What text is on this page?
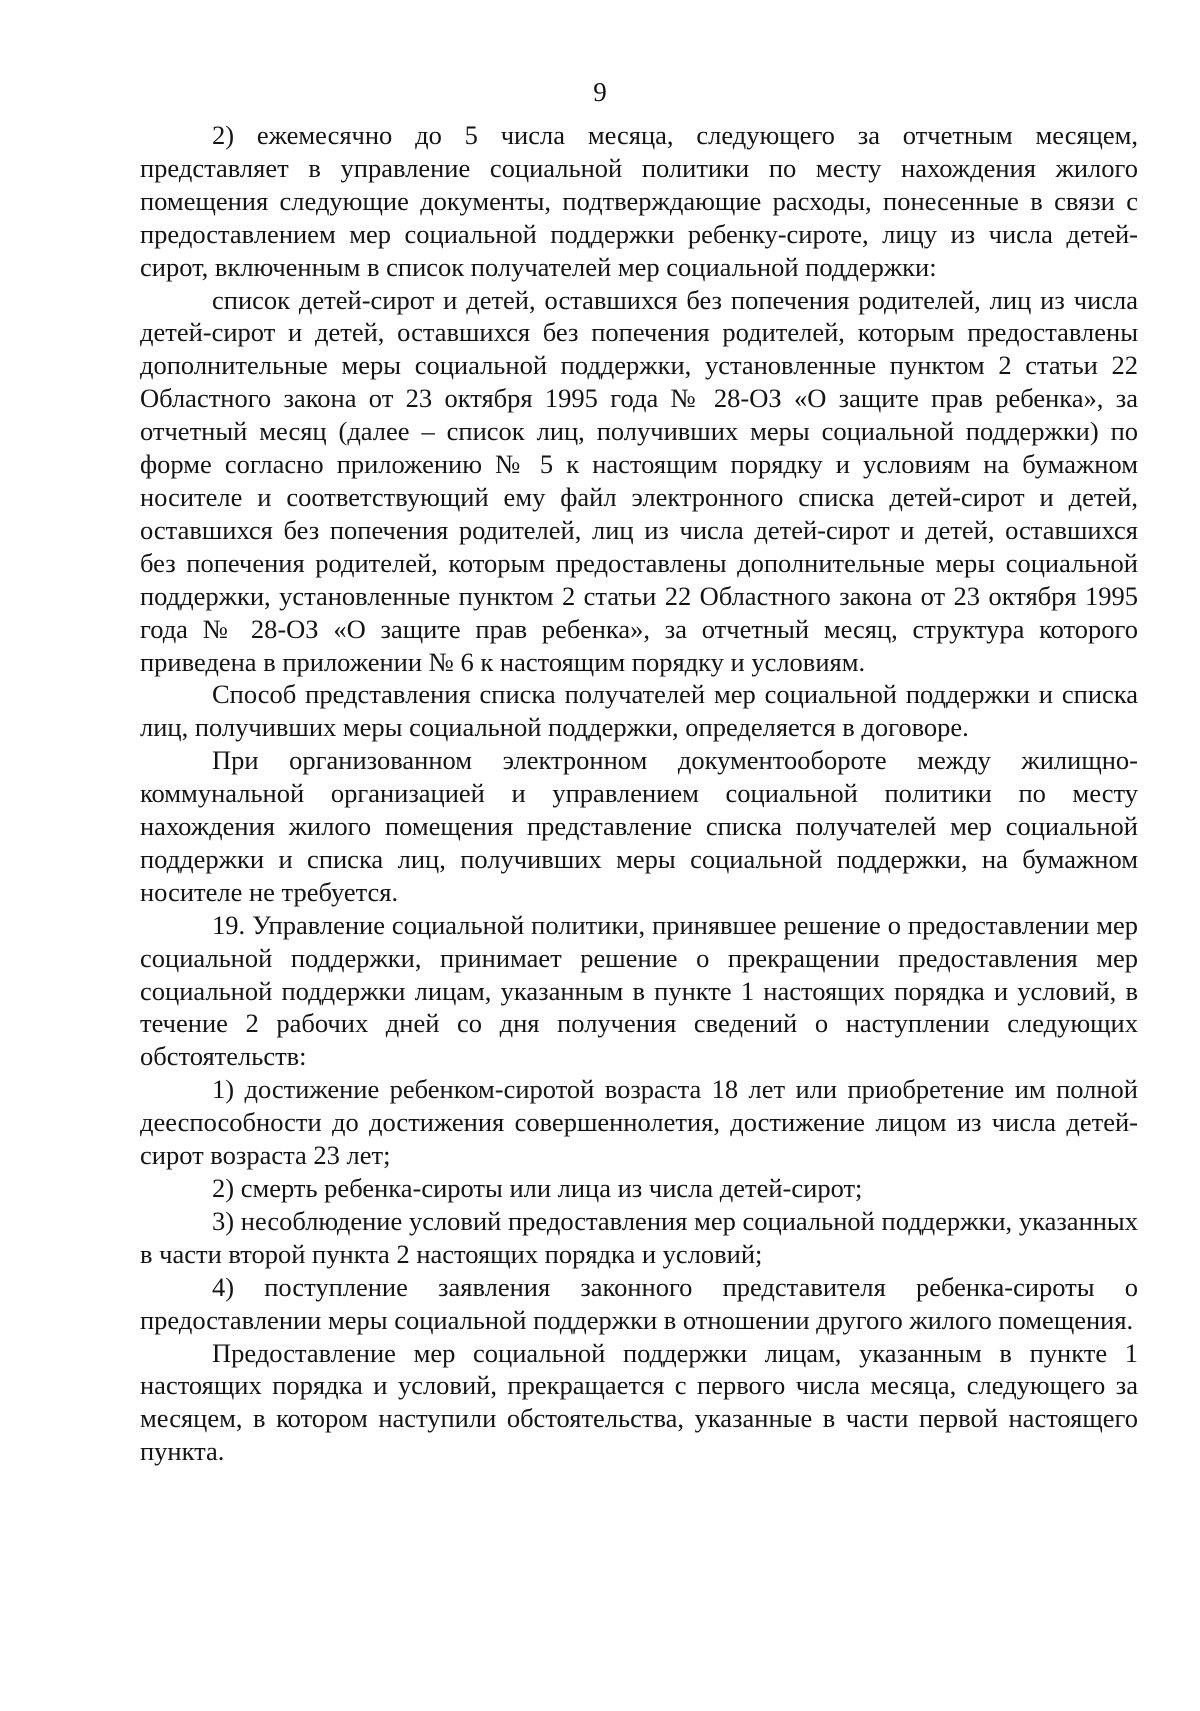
9

2) ежемесячно до 5 числа месяца, следующего за отчетным месяцем, представляет в управление социальной политики по месту нахождения жилого помещения следующие документы, подтверждающие расходы, понесенные в связи с предоставлением мер социальной поддержки ребенку-сироте, лицу из числа детей-сирот, включенным в список получателей мер социальной поддержки:

список детей-сирот и детей, оставшихся без попечения родителей, лиц из числа детей-сирот и детей, оставшихся без попечения родителей, которым предоставлены дополнительные меры социальной поддержки, установленные пунктом 2 статьи 22 Областного закона от 23 октября 1995 года № 28-ОЗ «О защите прав ребенка», за отчетный месяц (далее – список лиц, получивших меры социальной поддержки) по форме согласно приложению № 5 к настоящим порядку и условиям на бумажном носителе и соответствующий ему файл электронного списка детей-сирот и детей, оставшихся без попечения родителей, лиц из числа детей-сирот и детей, оставшихся без попечения родителей, которым предоставлены дополнительные меры социальной поддержки, установленные пунктом 2 статьи 22 Областного закона от 23 октября 1995 года № 28-ОЗ «О защите прав ребенка», за отчетный месяц, структура которого приведена в приложении № 6 к настоящим порядку и условиям.

Способ представления списка получателей мер социальной поддержки и списка лиц, получивших меры социальной поддержки, определяется в договоре.

При организованном электронном документообороте между жилищно-коммунальной организацией и управлением социальной политики по месту нахождения жилого помещения представление списка получателей мер социальной поддержки и списка лиц, получивших меры социальной поддержки, на бумажном носителе не требуется.

19. Управление социальной политики, принявшее решение о предоставлении мер социальной поддержки, принимает решение о прекращении предоставления мер социальной поддержки лицам, указанным в пункте 1 настоящих порядка и условий, в течение 2 рабочих дней со дня получения сведений о наступлении следующих обстоятельств:

1) достижение ребенком-сиротой возраста 18 лет или приобретение им полной дееспособности до достижения совершеннолетия, достижение лицом из числа детей-сирот возраста 23 лет;

2) смерть ребенка-сироты или лица из числа детей-сирот;

3) несоблюдение условий предоставления мер социальной поддержки, указанных в части второй пункта 2 настоящих порядка и условий;

4) поступление заявления законного представителя ребенка-сироты о предоставлении меры социальной поддержки в отношении другого жилого помещения.

Предоставление мер социальной поддержки лицам, указанным в пункте 1 настоящих порядка и условий, прекращается с первого числа месяца, следующего за месяцем, в котором наступили обстоятельства, указанные в части первой настоящего пункта.
